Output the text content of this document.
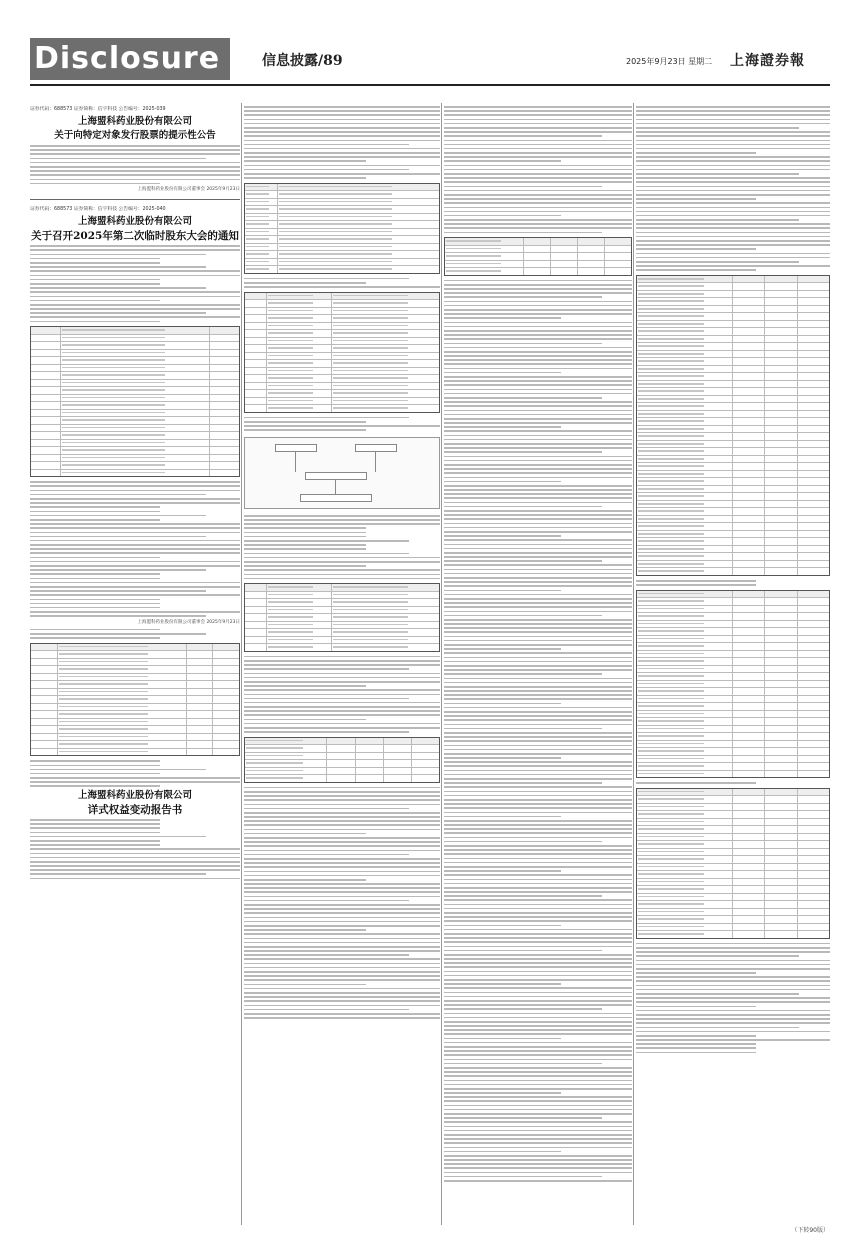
Disclosure	信息披露/89	2025年9月23日 星期二 上海證券報
证券代码：688573 证券简称：信宇科技 公告编号：2025-039
上海盟科药业股份有限公司
关于向特定对象发行股票的提示性公告
上海盟科药业股份有限公司董事会 2025年9月23日
证券代码：688573 证券简称：信宇科技 公告编号：2025-040
上海盟科药业股份有限公司
关于召开2025年第二次临时股东大会的通知
上海盟科药业股份有限公司董事会 2025年9月23日
上海盟科药业股份有限公司
详式权益变动报告书
（下转90版）
